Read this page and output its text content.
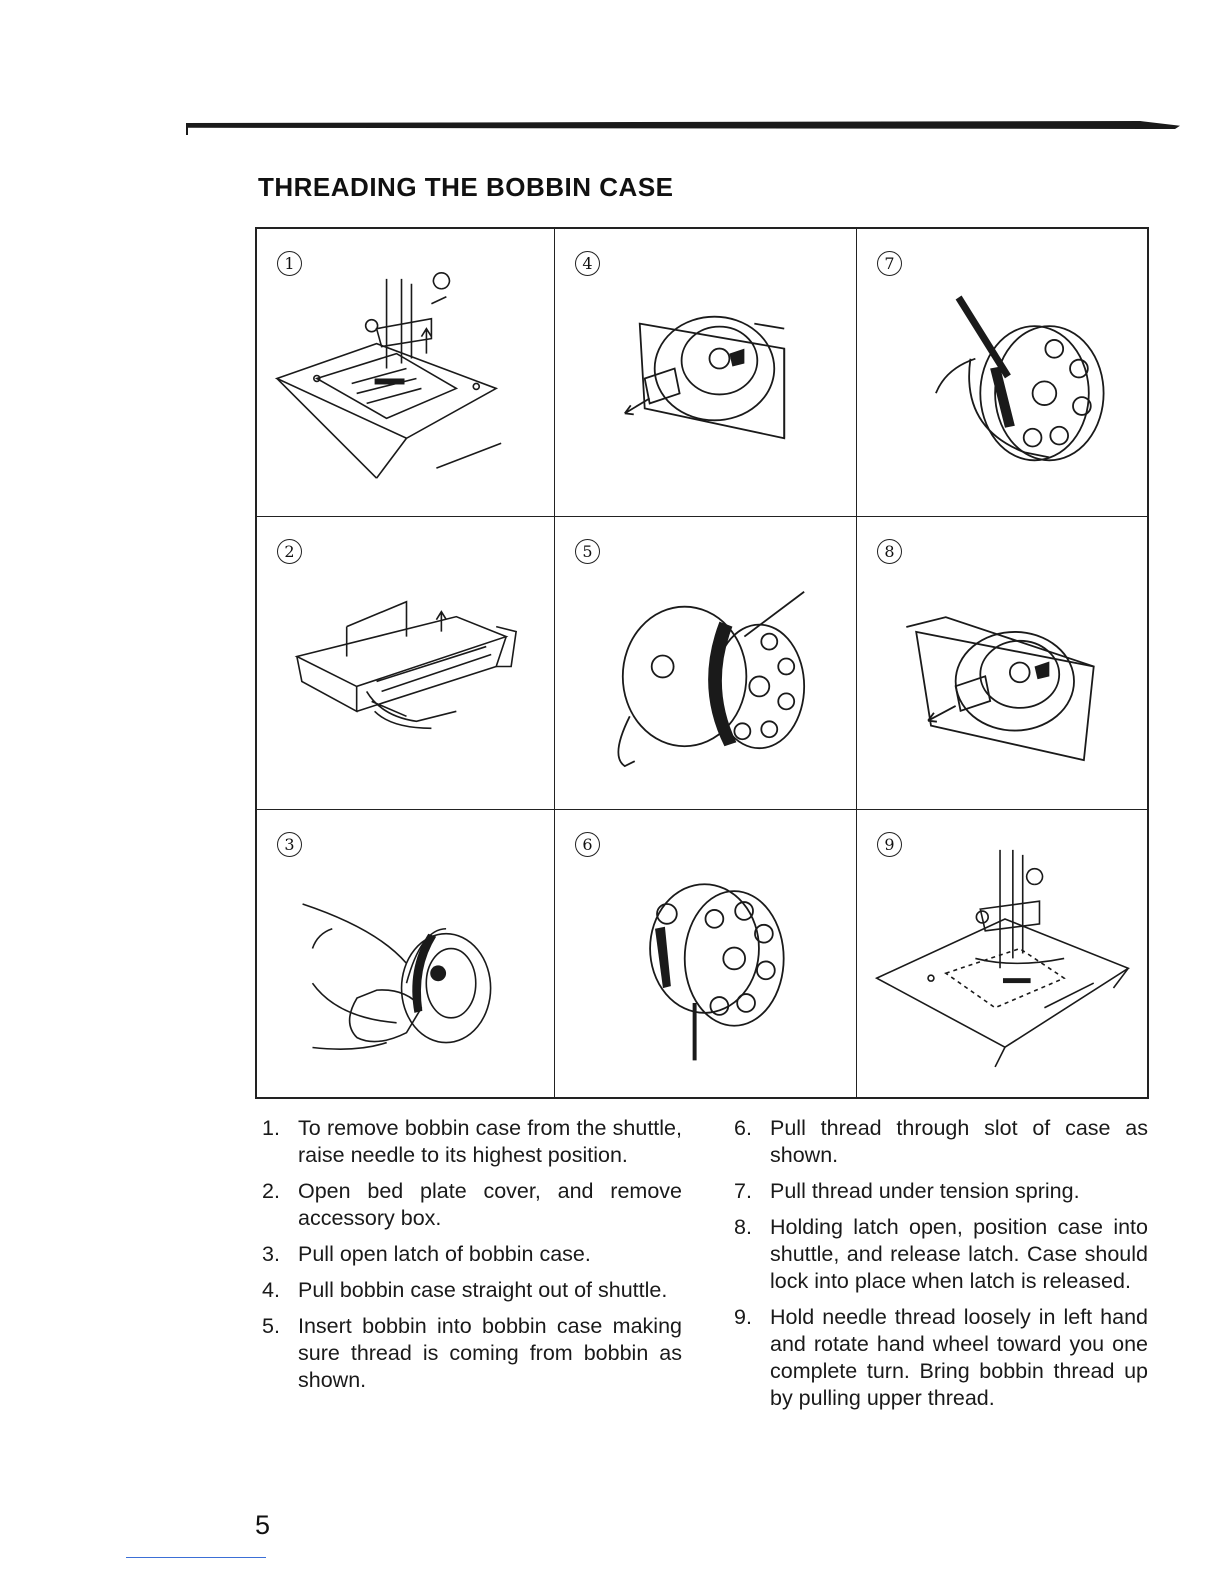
THREADING THE BOBBIN CASE
1	4	7
2	5	8
3	6	9
1. To remove bobbin case from the shuttle, raise needle to its highest position.
2. Open bed plate cover, and remove accessory box.
3. Pull open latch of bobbin case.
4. Pull bobbin case straight out of shuttle.
5. Insert bobbin into bobbin case making sure thread is coming from bobbin as shown.
6. Pull thread through slot of case as shown.
7. Pull thread under tension spring.
8. Holding latch open, position case into shuttle, and release latch. Case should lock into place when latch is released.
9. Hold needle thread loosely in left hand and rotate hand wheel toward you one complete turn. Bring bobbin thread up by pulling upper thread.
5
